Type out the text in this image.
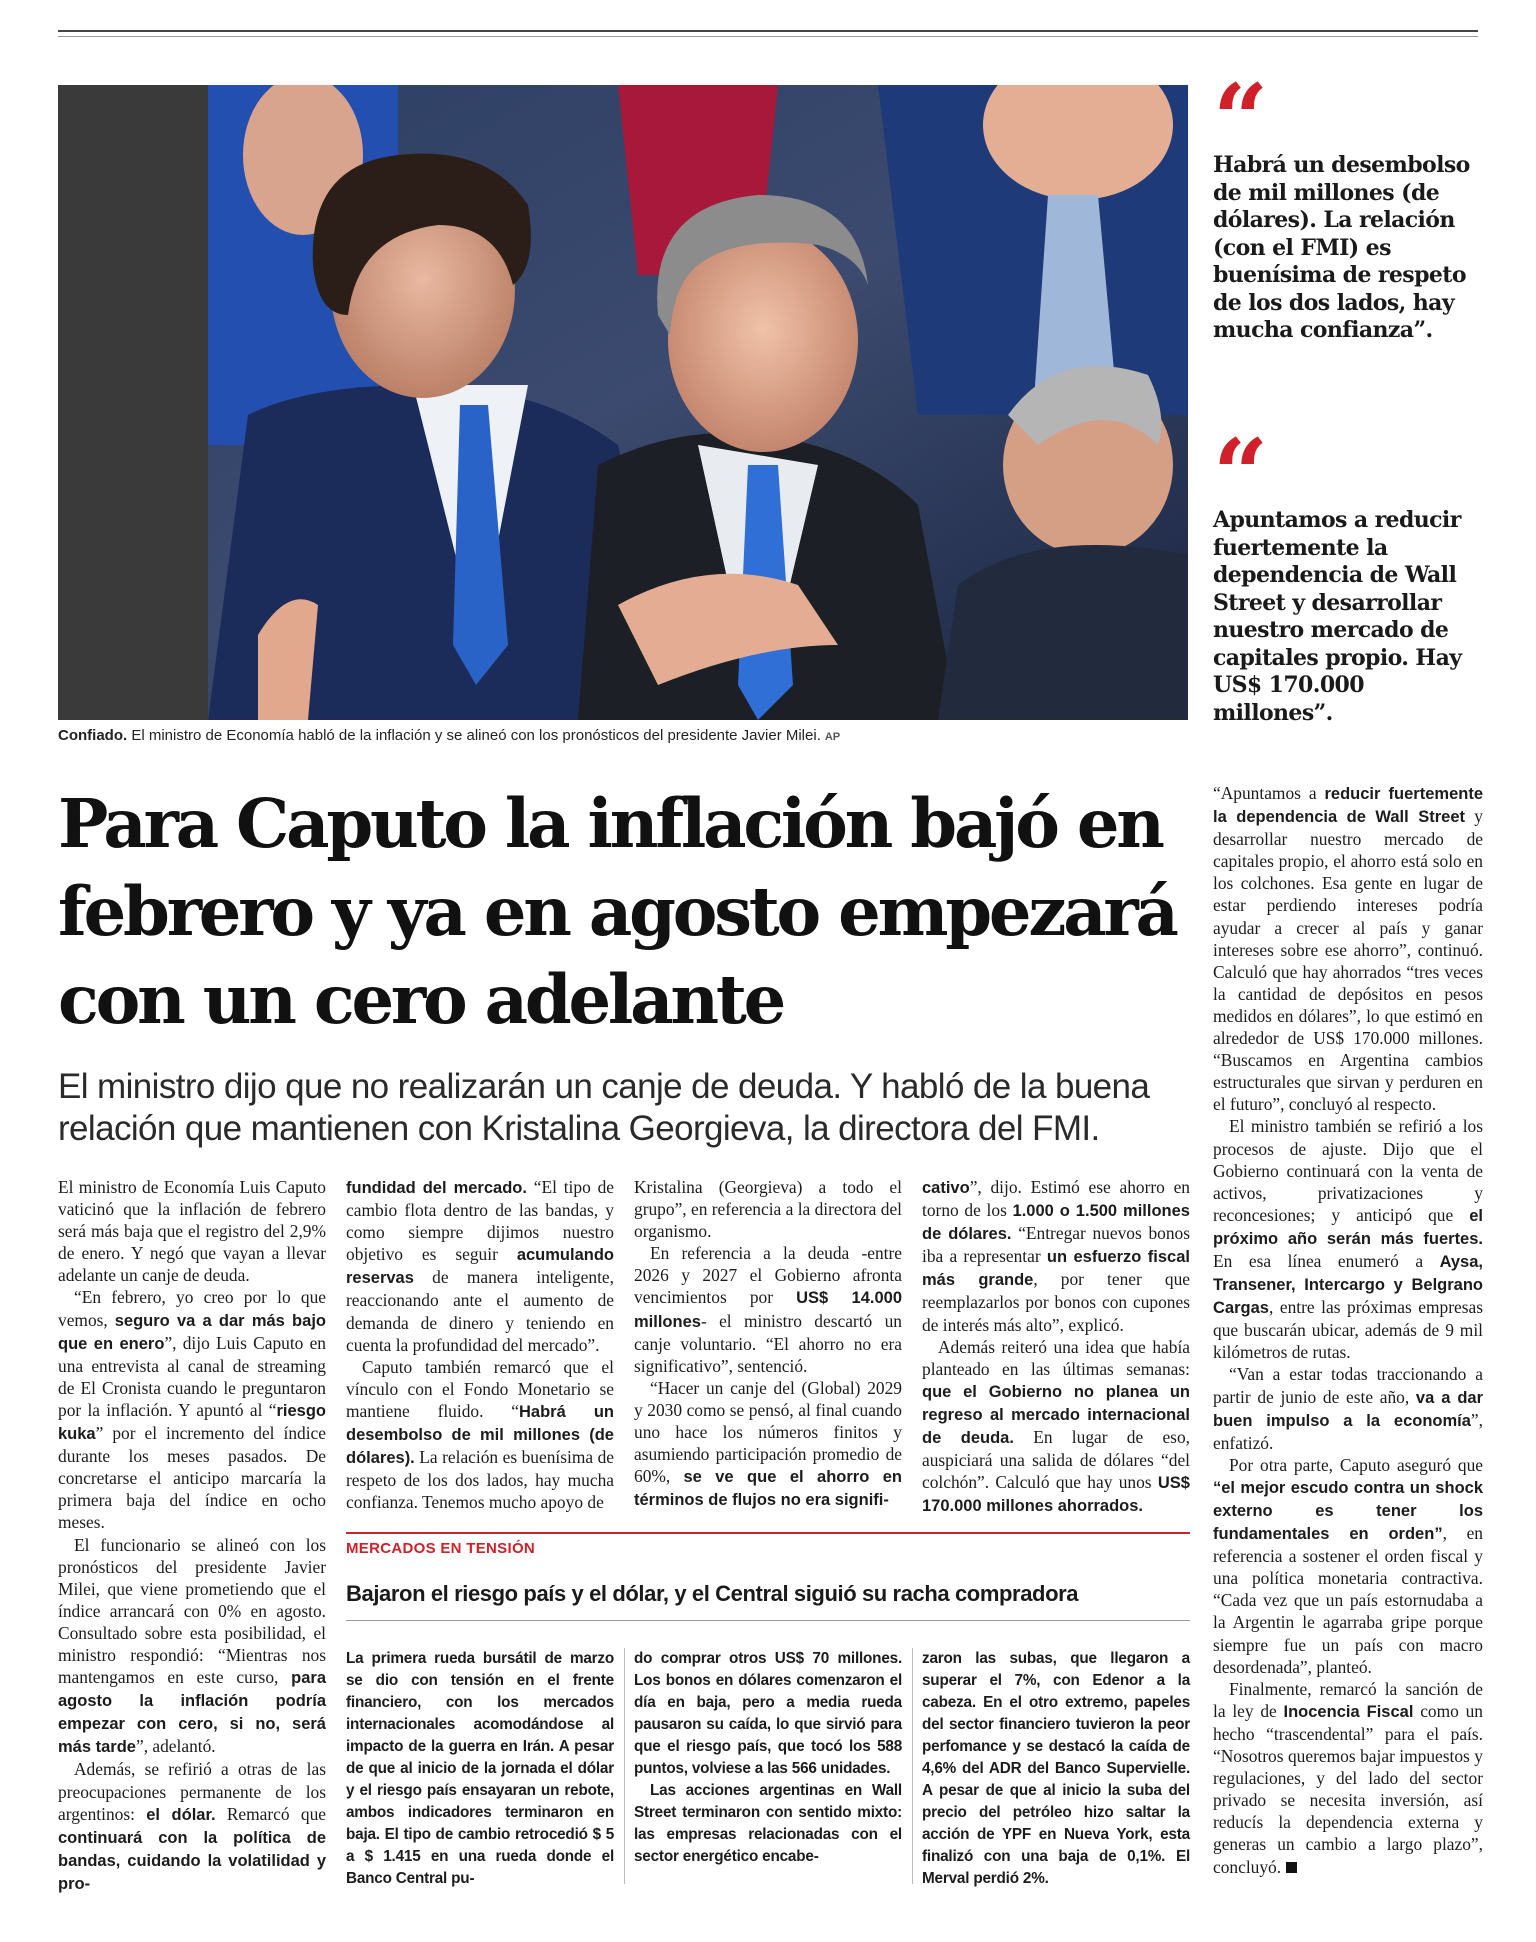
Confiado. El ministro de Economía habló de la inflación y se alineó con los pronósticos del presidente Javier Milei. AP
“
Habrá un desembolso de mil millones (de dólares). La relación (con el FMI) es buenísima de respeto de los dos lados, hay mucha confianza”.
“
Apuntamos a reducir fuertemente la dependencia de Wall Street y desarrollar nuestro mercado de capitales propio. Hay US$ 170.000 millones”.
Para Caputo la inflación bajó en febrero y ya en agosto empezará con un cero adelante

El ministro dijo que no realizarán un canje de deuda. Y habló de la buena relación que mantienen con Kristalina Georgieva, la directora del FMI.

El ministro de Economía Luis Caputo vaticinó que la inflación de febrero será más baja que el registro del 2,9% de enero. Y negó que vayan a llevar adelante un canje de deuda.

“En febrero, yo creo por lo que vemos, seguro va a dar más bajo que en enero”, dijo Luis Caputo en una entrevista al canal de streaming de El Cronista cuando le preguntaron por la inflación. Y apuntó al “riesgo kuka” por el incremento del índice durante los meses pasados. De concretarse el anticipo marcaría la primera baja del índice en ocho meses.

El funcionario se alineó con los pronósticos del presidente Javier Milei, que viene prometiendo que el índice arrancará con 0% en agosto. Consultado sobre esta posibilidad, el ministro respondió: “Mientras nos mantengamos en este curso, para agosto la inflación podría empezar con cero, si no, será más tarde”, adelantó.

Además, se refirió a otras de las preocupaciones permanente de los argentinos: el dólar. Remarcó que continuará con la política de bandas, cuidando la volatilidad y pro-

fundidad del mercado. “El tipo de cambio flota dentro de las bandas, y como siempre dijimos nuestro objetivo es seguir acumulando reservas de manera inteligente, reaccionando ante el aumento de demanda de dinero y teniendo en cuenta la profundidad del mercado”.

Caputo también remarcó que el vínculo con el Fondo Monetario se mantiene fluido. “Habrá un desembolso de mil millones (de dólares). La relación es buenísima de respeto de los dos lados, hay mucha confianza. Tenemos mucho apoyo de

Kristalina (Georgieva) a todo el grupo”, en referencia a la directora del organismo.

En referencia a la deuda -entre 2026 y 2027 el Gobierno afronta vencimientos por US$ 14.000 millones- el ministro descartó un canje voluntario. “El ahorro no era significativo”, sentenció.

“Hacer un canje del (Global) 2029 y 2030 como se pensó, al final cuando uno hace los números finitos y asumiendo participación promedio de 60%, se ve que el ahorro en términos de flujos no era signifi-

cativo”, dijo. Estimó ese ahorro en torno de los 1.000 o 1.500 millones de dólares. “Entregar nuevos bonos iba a representar un esfuerzo fiscal más grande, por tener que reemplazarlos por bonos con cupones de interés más alto”, explicó.

Además reiteró una idea que había planteado en las últimas semanas: que el Gobierno no planea un regreso al mercado internacional de deuda. En lugar de eso, auspiciará una salida de dólares “del colchón”. Calculó que hay unos US$ 170.000 millones ahorrados.

“Apuntamos a reducir fuertemente la dependencia de Wall Street y desarrollar nuestro mercado de capitales propio, el ahorro está solo en los colchones. Esa gente en lugar de estar perdiendo intereses podría ayudar a crecer al país y ganar intereses sobre ese ahorro”, continuó. Calculó que hay ahorrados “tres veces la cantidad de depósitos en pesos medidos en dólares”, lo que estimó en alrededor de US$ 170.000 millones. “Buscamos en Argentina cambios estructurales que sirvan y perduren en el futuro”, concluyó al respecto.

El ministro también se refirió a los procesos de ajuste. Dijo que el Gobierno continuará con la venta de activos, privatizaciones y reconcesiones; y anticipó que el próximo año serán más fuertes. En esa línea enumeró a Aysa, Transener, Intercargo y Belgrano Cargas, entre las próximas empresas que buscarán ubicar, además de 9 mil kilómetros de rutas.

“Van a estar todas traccionando a partir de junio de este año, va a dar buen impulso a la economía”, enfatizó.

Por otra parte, Caputo aseguró que “el mejor escudo contra un shock externo es tener los fundamentales en orden”, en referencia a sostener el orden fiscal y una política monetaria contractiva. “Cada vez que un país estornudaba a la Argentin le agarraba gripe porque siempre fue un país con macro desordenada”, planteó.

Finalmente, remarcó la sanción de la ley de Inocencia Fiscal como un hecho “trascendental” para el país. “Nosotros queremos bajar impuestos y regulaciones, y del lado del sector privado se necesita inversión, así reducís la dependencia externa y generas un cambio a largo plazo”, concluyó.

MERCADOS EN TENSIÓN
Bajaron el riesgo país y el dólar, y el Central siguió su racha compradora

La primera rueda bursátil de marzo se dio con tensión en el frente financiero, con los mercados internacionales acomodándose al impacto de la guerra en Irán. A pesar de que al inicio de la jornada el dólar y el riesgo país ensayaran un rebote, ambos indicadores terminaron en baja. El tipo de cambio retrocedió $ 5 a $ 1.415 en una rueda donde el Banco Central pu-

do comprar otros US$ 70 millones. Los bonos en dólares comenzaron el día en baja, pero a media rueda pausaron su caída, lo que sirvió para que el riesgo país, que tocó los 588 puntos, volviese a las 566 unidades.

Las acciones argentinas en Wall Street terminaron con sentido mixto: las empresas relacionadas con el sector energético encabe-

zaron las subas, que llegaron a superar el 7%, con Edenor a la cabeza. En el otro extremo, papeles del sector financiero tuvieron la peor perfomance y se destacó la caída de 4,6% del ADR del Banco Supervielle. A pesar de que al inicio la suba del precio del petróleo hizo saltar la acción de YPF en Nueva York, esta finalizó con una baja de 0,1%. El Merval perdió 2%.
